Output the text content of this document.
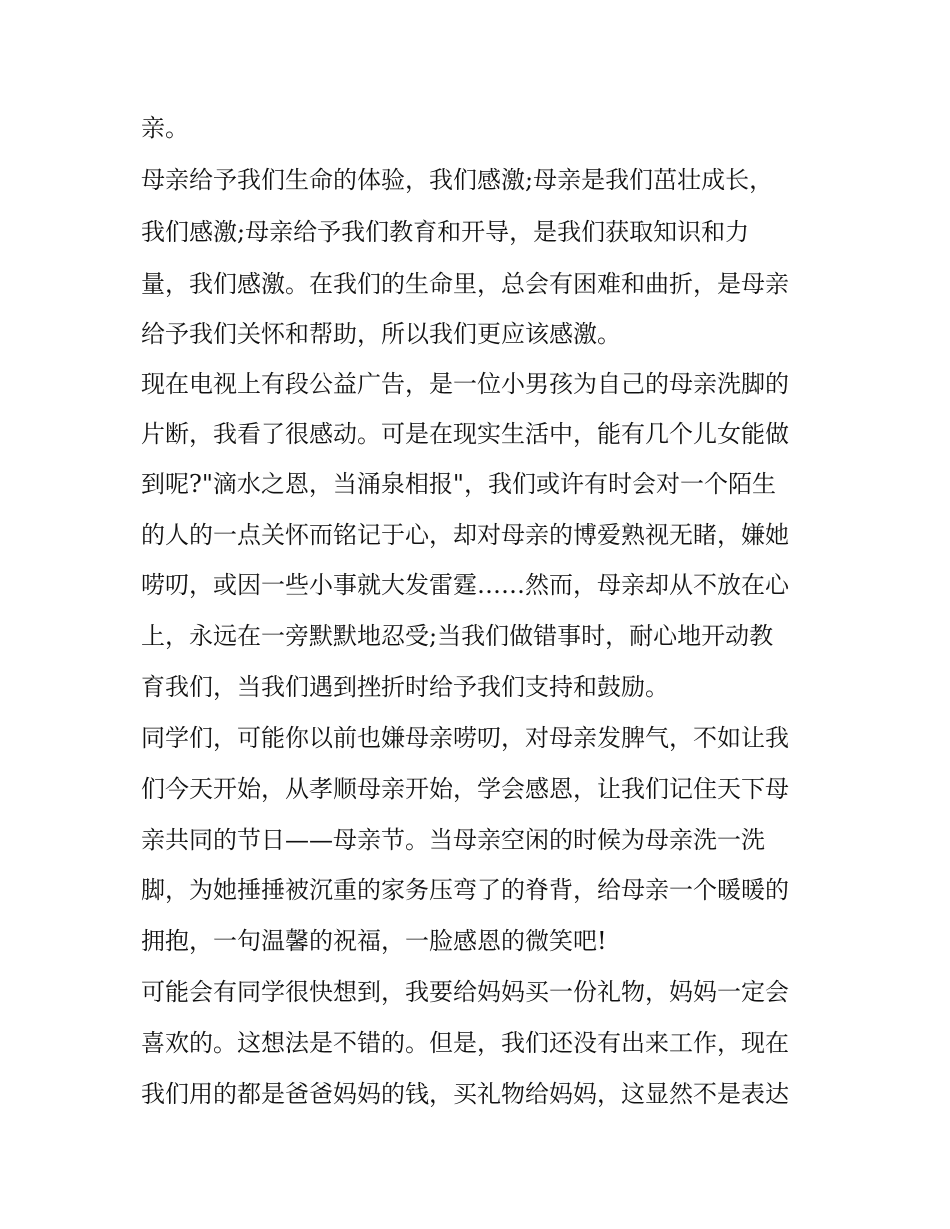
亲。
母亲给予我们生命的体验，我们感激;母亲是我们茁壮成长，
我们感激;母亲给予我们教育和开导，是我们获取知识和力
量，我们感激。在我们的生命里，总会有困难和曲折，是母亲
给予我们关怀和帮助，所以我们更应该感激。
现在电视上有段公益广告，是一位小男孩为自己的母亲洗脚的
片断，我看了很感动。可是在现实生活中，能有几个儿女能做
到呢?"滴水之恩，当涌泉相报"，我们或许有时会对一个陌生
的人的一点关怀而铭记于心，却对母亲的博爱熟视无睹，嫌她
唠叨，或因一些小事就大发雷霆……然而，母亲却从不放在心
上，永远在一旁默默地忍受;当我们做错事时，耐心地开动教
育我们，当我们遇到挫折时给予我们支持和鼓励。
同学们，可能你以前也嫌母亲唠叨，对母亲发脾气，不如让我
们今天开始，从孝顺母亲开始，学会感恩，让我们记住天下母
亲共同的节日——母亲节。当母亲空闲的时候为母亲洗一洗
脚，为她捶捶被沉重的家务压弯了的脊背，给母亲一个暖暖的
拥抱，一句温馨的祝福，一脸感恩的微笑吧!
可能会有同学很快想到，我要给妈妈买一份礼物，妈妈一定会
喜欢的。这想法是不错的。但是，我们还没有出来工作，现在
我们用的都是爸爸妈妈的钱，买礼物给妈妈，这显然不是表达
